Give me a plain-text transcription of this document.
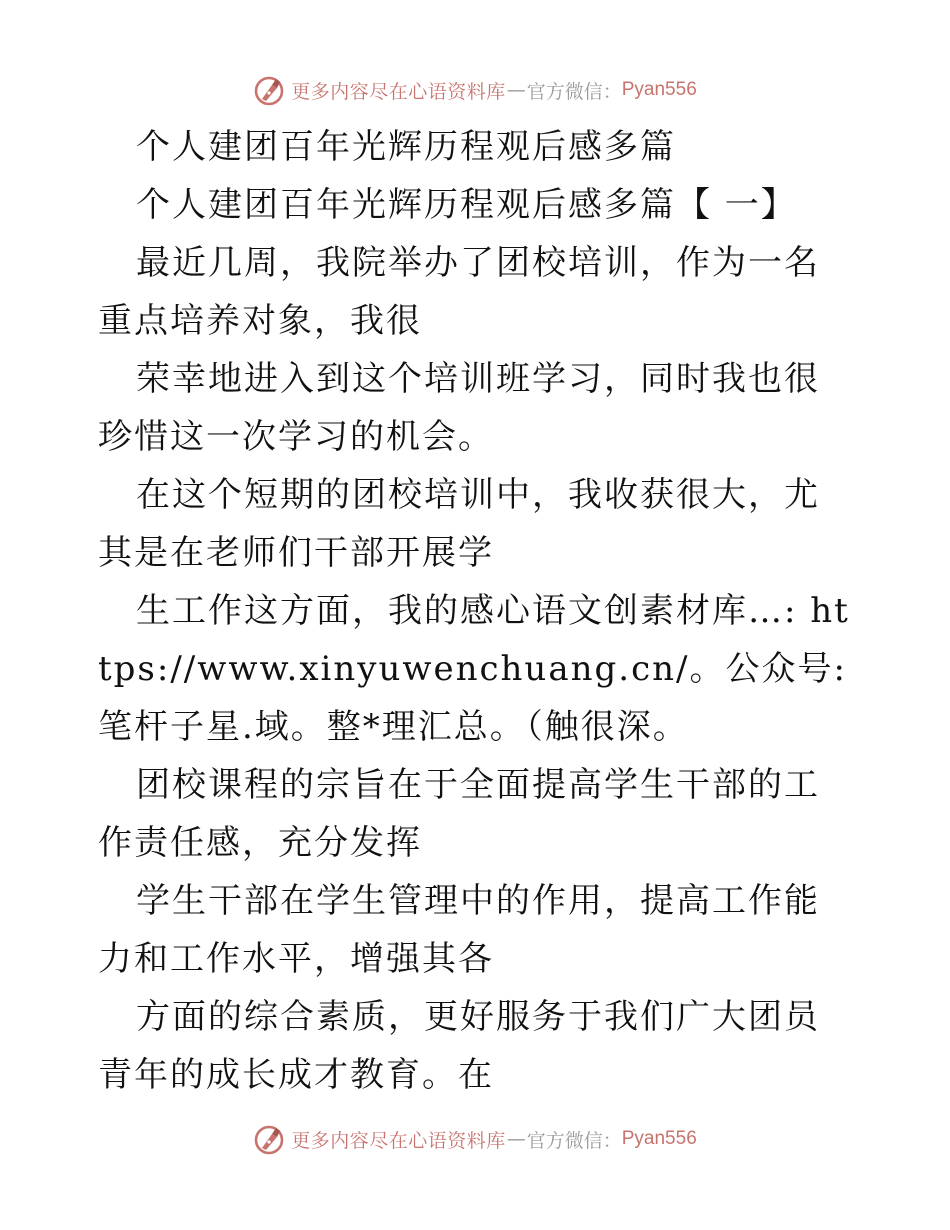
更多内容尽在心语资料库 — 官方微信： Pyan556

个人建团百年光辉历程观后感多篇

个人建团百年光辉历程观后感多篇【 一】

最近几周，我院举办了团校培训，作为一名重点培养对象，我很

荣幸地进入到这个培训班学习，同时我也很珍惜这一次学习的机会。

在这个短期的团校培训中，我收获很大，尤其是在老师们干部开展学

生工作这方面，我的感心语文创素材库…: https://www.xinyuwenchuang.cn/。公众号: 笔杆子星.域。整*理汇总。（触很深。

团校课程的宗旨在于全面提高学生干部的工作责任感，充分发挥

学生干部在学生管理中的作用，提高工作能力和工作水平，增强其各

方面的综合素质，更好服务于我们广大团员青年的成长成才教育。在

更多内容尽在心语资料库 — 官方微信： Pyan556
